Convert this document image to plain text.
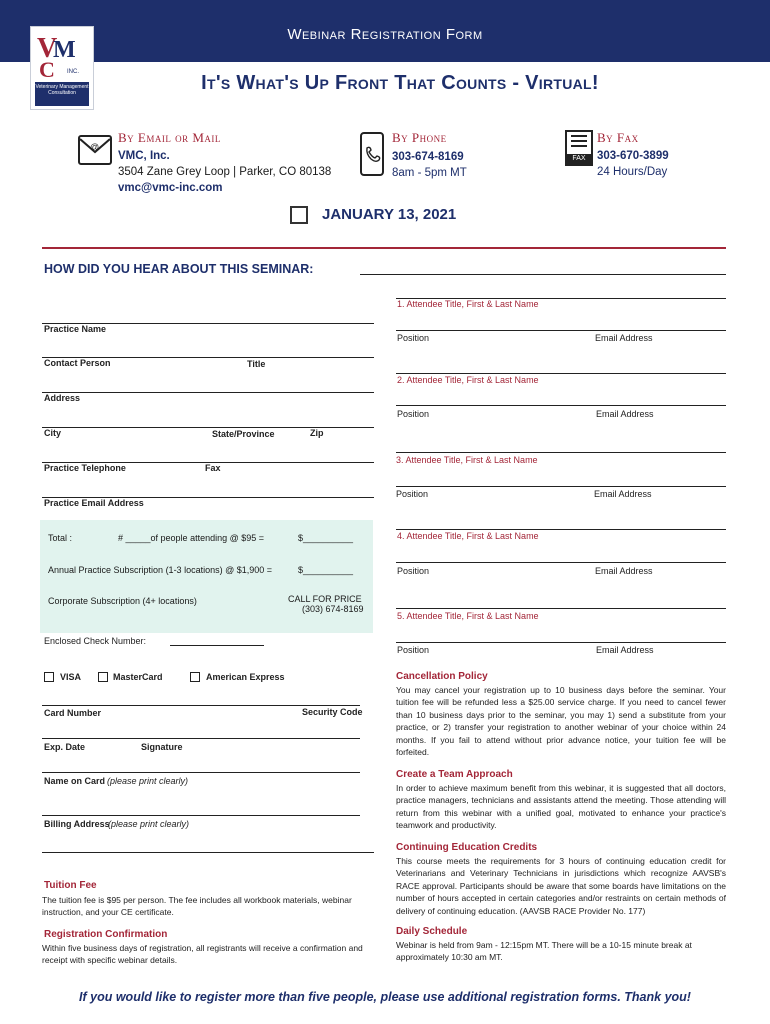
Webinar Registration Form
V
M
C INC.
Veterinary Management Consultation	It's What's Up Front That Counts - Virtual!
@
By Email or Mail
VMC, Inc.
3504 Zane Grey Loop | Parker, CO 80138
vmc@vmc-inc.com
By Phone
303-674-8169
8am - 5pm MT
FAX
By Fax
303-670-3899
24 Hours/Day
JANUARY 13, 2021
HOW DID YOU HEAR ABOUT THIS SEMINAR:
Practice Name
Contact Person	Title
Address
City	State/Province	Zip
Practice Telephone	Fax
Practice Email Address
Total :	# _____of people attending @ $95 =	$__________
Annual Practice Subscription (1-3 locations) @ $1,900 =	$__________
Corporate Subscription (4+ locations)	CALL FOR PRICE
(303) 674-8169
Enclosed Check Number:
VISA	MasterCard	American Express
Card Number	Security Code
Exp. Date	Signature
Name on Card (please print clearly)
Billing Address
(please print clearly)
Tuition Fee
The tuition fee is $95 per person. The fee includes all workbook materials, webinar instruction, and your CE certificate.
Registration Confirmation
Within five business days of registration, all registrants will receive a confirmation and receipt with specific webinar details.
1. Attendee Title, First & Last Name
Position	Email Address
2. Attendee Title, First & Last Name
Position	Email Address
3. Attendee Title, First & Last Name
Position	Email Address
4. Attendee Title, First & Last Name
Position	Email Address
5. Attendee Title, First & Last Name
Position	Email Address
Cancellation Policy
You may cancel your registration up to 10 business days before the seminar. Your tuition fee will be refunded less a $25.00 service charge. If you need to cancel fewer than 10 business days prior to the seminar, you may 1) send a substitute from your practice, or 2) transfer your registration to another webinar of your choice within 24 months. If you fail to attend without prior advance notice, your tuition fee will be forfeited.
Create a Team Approach
In order to achieve maximum benefit from this webinar, it is suggested that all doctors, practice managers, technicians and assistants attend the meeting. Those attending will return from this webinar with a unified goal, motivated to enhance your practice's teamwork and productivity.
Continuing Education Credits
This course meets the requirements for 3 hours of continuing education credit for Veterinarians and Veterinary Technicians in jurisdictions which recognize AAVSB's RACE approval. Participants should be aware that some boards have limitations on the number of hours accepted in certain categories and/or restraints on certain methods of delivery of continuing education. (AAVSB RACE Provider No. 177)
Daily Schedule
Webinar is held from 9am - 12:15pm MT. There will be a 10-15 minute break at approximately 10:30 am MT.
If you would like to register more than five people, please use additional registration forms. Thank you!
